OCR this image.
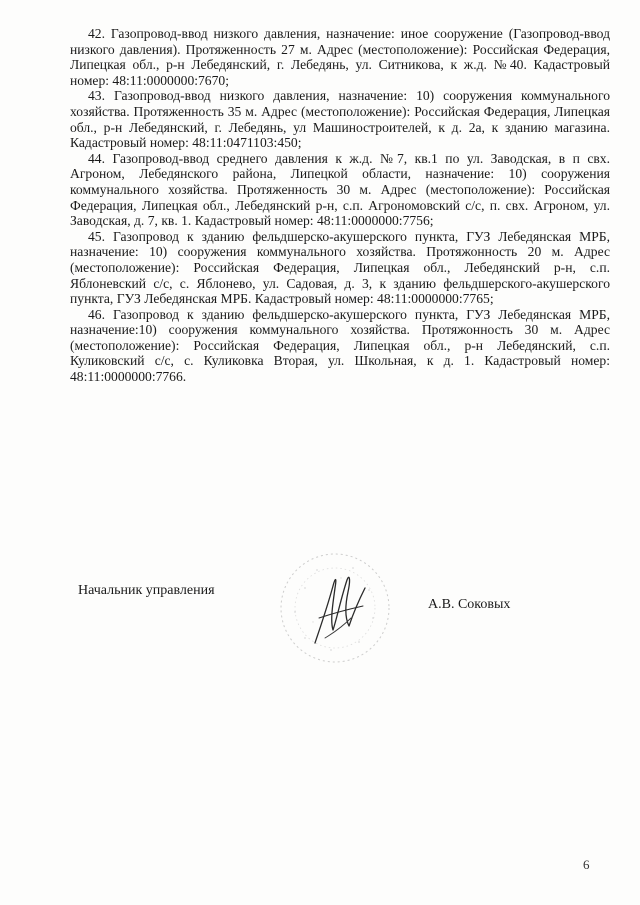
42. Газопровод-ввод низкого давления, назначение: иное сооружение (Газопровод-ввод низкого давления). Протяженность 27 м. Адрес (местоположение): Российская Федерация, Липецкая обл., р-н Лебедянский, г. Лебедянь, ул. Ситникова, к ж.д. №40. Кадастровый номер: 48:11:0000000:7670;

43. Газопровод-ввод низкого давления, назначение: 10) сооружения коммунального хозяйства. Протяженность 35 м. Адрес (местоположение): Российская Федерация, Липецкая обл., р-н Лебедянский, г. Лебедянь, ул Машиностроителей, к д. 2а, к зданию магазина. Кадастровый номер: 48:11:0471103:450;

44. Газопровод-ввод среднего давления к ж.д. №7, кв.1 по ул. Заводская, в п свх. Агроном, Лебедянского района, Липецкой области, назначение: 10) сооружения коммунального хозяйства. Протяженность 30 м. Адрес (местоположение): Российская Федерация, Липецкая обл., Лебедянский р-н, с.п. Агрономовский с/с, п. свх. Агроном, ул. Заводская, д. 7, кв. 1. Кадастровый номер: 48:11:0000000:7756;

45. Газопровод к зданию фельдшерско-акушерского пункта, ГУЗ Лебедянская МРБ, назначение: 10) сооружения коммунального хозяйства. Протяжонность 20 м. Адрес (местоположение): Российская Федерация, Липецкая обл., Лебедянский р-н, с.п. Яблоневский с/с, с. Яблонево, ул. Садовая, д. 3, к зданию фельдшерского-акушерского пункта, ГУЗ Лебедянская МРБ. Кадастровый номер: 48:11:0000000:7765;

46. Газопровод к зданию фельдшерско-акушерского пункта, ГУЗ Лебедянская МРБ, назначение:10) сооружения коммунального хозяйства. Протяжонность 30 м. Адрес (местоположение): Российская Федерация, Липецкая обл., р-н Лебедянский, с.п. Куликовский с/с, с. Куликовка Вторая, ул. Школьная, к д. 1. Кадастровый номер: 48:11:0000000:7766.

Начальник управления
А.В. Соковых
6
